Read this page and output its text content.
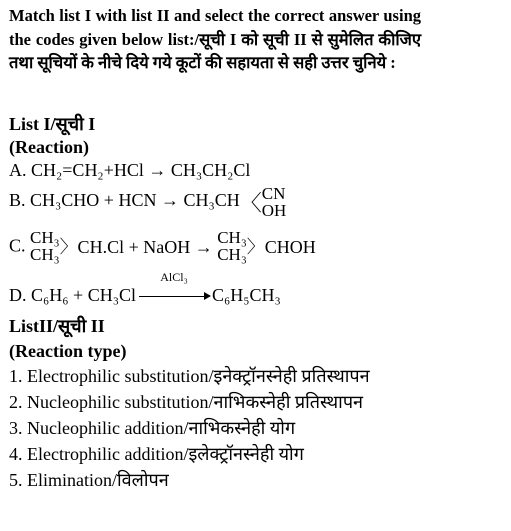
Match list I with list II and select the correct answer using the codes given below list:/सूची I को सूची II से सुमेलित कीजिए तथा सूचियों के नीचे दिये गये कूटों की सहायता से सही उत्तर चुनिये :
List I/सूची I
(Reaction)
A. CH₂=CH₂+HCl → CH₃CH₂Cl
B. CH₃CHO + HCN → CH₃CH〈 CN
OH
C. CH₃
CH₃ 〉CH.Cl + NaOH → CH₃
CH₃ 〉CHOH
D. C₆H₆ + CH₃Cl
AlCl₃
C₆H₅CH₃
ListII/सूची II
(Reaction type)
1. Electrophilic substitution/इनेक्ट्रॉनस्नेही प्रतिस्थापन
2. Nucleophilic substitution/नाभिकस्नेही प्रतिस्थापन
3. Nucleophilic addition/नाभिकस्नेही योग
4. Electrophilic addition/इलेक्ट्रॉनस्नेही योग
5. Elimination/विलोपन
